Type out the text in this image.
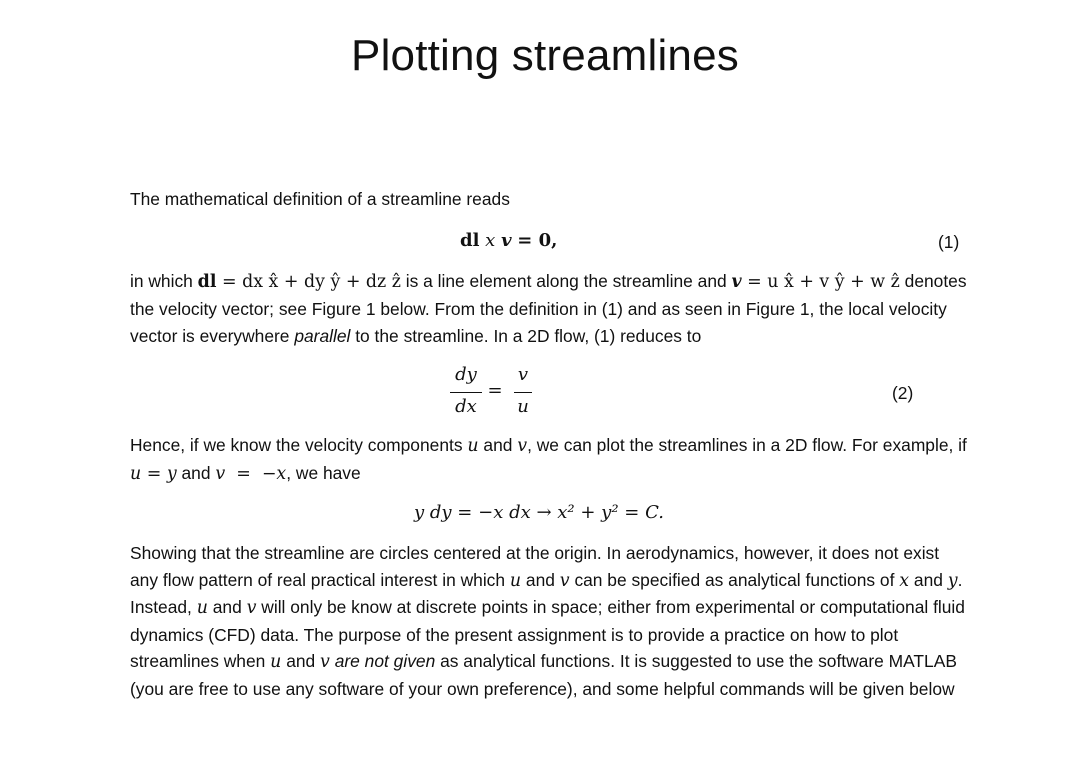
Plotting streamlines

The mathematical definition of a streamline reads

dl x v = 0,	(1)

in which dl = dx x̂ + dy ŷ + dz ẑ is a line element along the streamline and v = u x̂ + v ŷ + w ẑ denotes the velocity vector; see Figure 1 below. From the definition in (1) and as seen in Figure 1, the local velocity vector is everywhere parallel to the streamline. In a 2D flow, (1) reduces to

dy
dx
=
v
u
(2)

Hence, if we know the velocity components u and v, we can plot the streamlines in a 2D flow. For example, if u = y and v  =  −x, we have

y dy = −x dx → x² + y² = C.

Showing that the streamline are circles centered at the origin. In aerodynamics, however, it does not exist any flow pattern of real practical interest in which u and v can be specified as analytical functions of x and y.  Instead, u and v will only be know at discrete points in space; either from experimental or computational fluid dynamics (CFD) data. The purpose of the present assignment is to provide a practice on how to plot streamlines when u and v are not given as analytical functions. It is suggested to use the software MATLAB (you are free to use any software of your own preference), and some helpful commands will be given below
